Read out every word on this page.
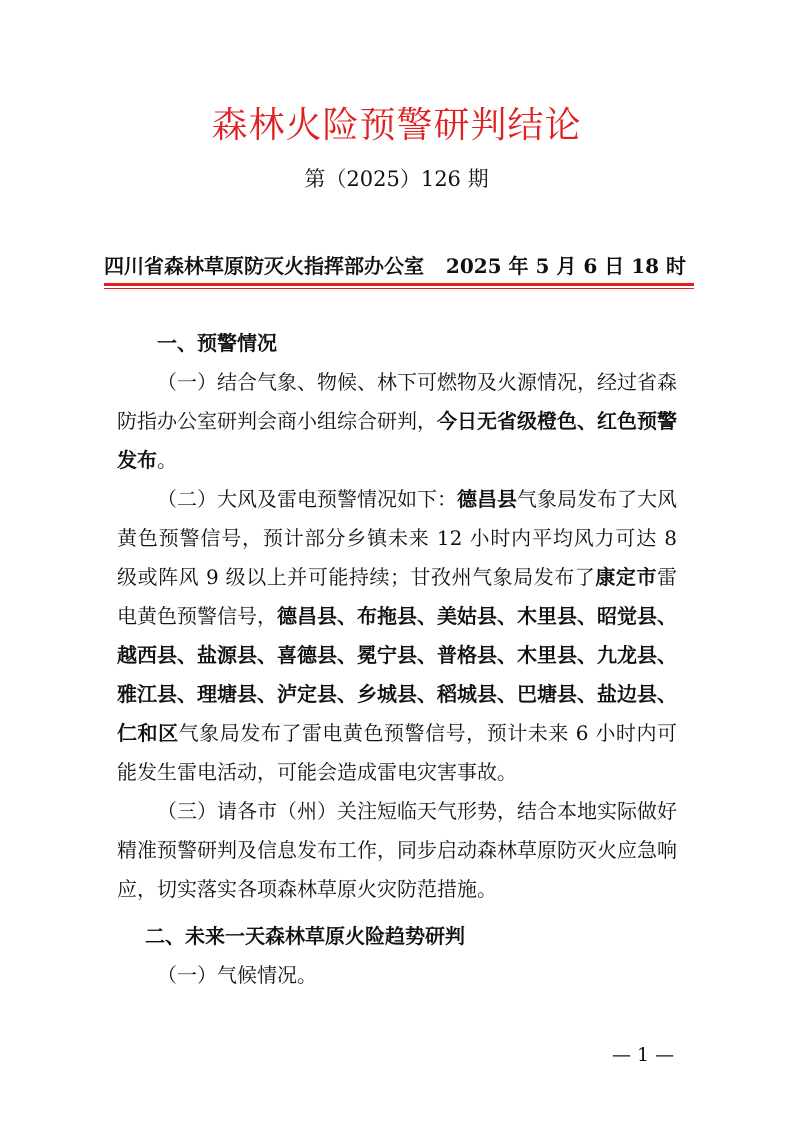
森林火险预警研判结论
第（2025）126 期
四川省森林草原防灭火指挥部办公室 2025 年 5 月 6 日 18 时
一、预警情况

（一）结合气象、物候、林下可燃物及火源情况，经过省森防指办公室研判会商小组综合研判，今日无省级橙色、红色预警发布。

（二）大风及雷电预警情况如下：德昌县气象局发布了大风黄色预警信号，预计部分乡镇未来 12 小时内平均风力可达 8 级或阵风 9 级以上并可能持续；甘孜州气象局发布了康定市雷电黄色预警信号，德昌县、布拖县、美姑县、木里县、昭觉县、越西县、盐源县、喜德县、冕宁县、普格县、木里县、九龙县、雅江县、理塘县、泸定县、乡城县、稻城县、巴塘县、盐边县、仁和区气象局发布了雷电黄色预警信号，预计未来 6 小时内可能发生雷电活动，可能会造成雷电灾害事故。

（三）请各市（州）关注短临天气形势，结合本地实际做好精准预警研判及信息发布工作，同步启动森林草原防灭火应急响应，切实落实各项森林草原火灾防范措施。

二、未来一天森林草原火险趋势研判
（一）气候情况。
— 1 —
